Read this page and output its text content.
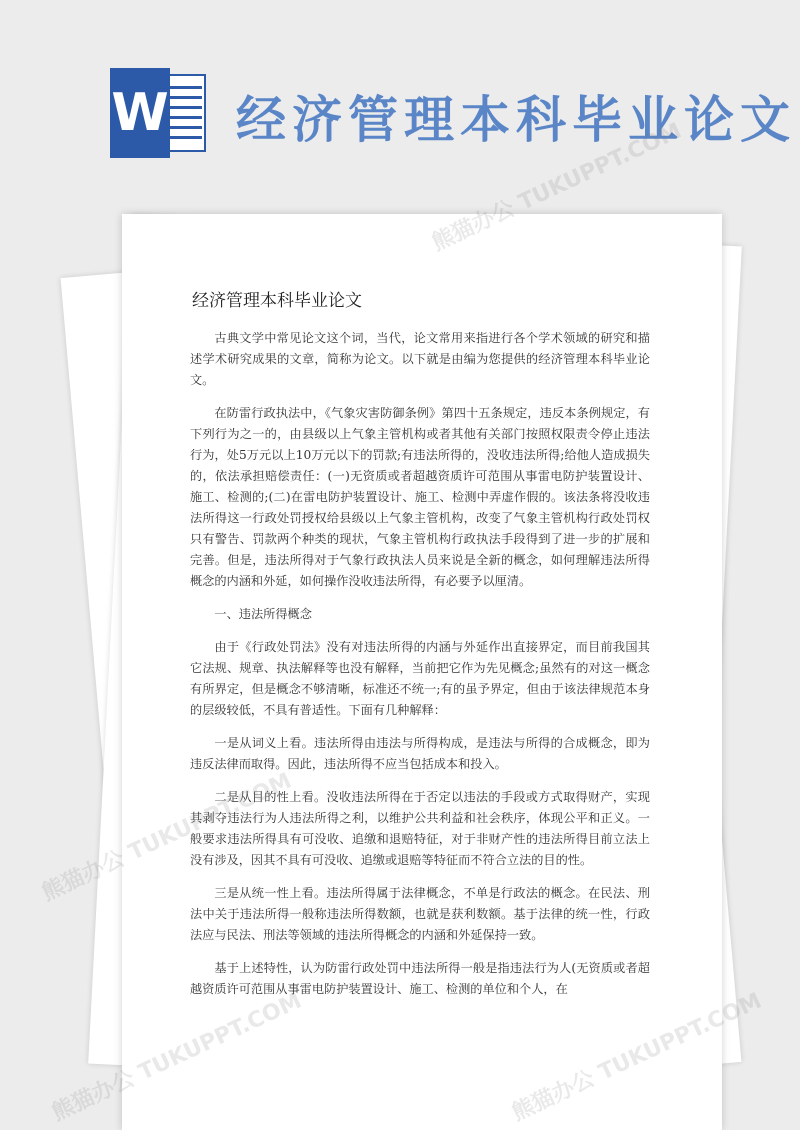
W 经济管理本科毕业论文
经济管理本科毕业论文

古典文学中常见论文这个词，当代，论文常用来指进行各个学术领域的研究和描述学术研究成果的文章，简称为论文。以下就是由编为您提供的经济管理本科毕业论文。

在防雷行政执法中，《气象灾害防御条例》第四十五条规定，违反本条例规定，有下列行为之一的，由县级以上气象主管机构或者其他有关部门按照权限责令停止违法行为，处5万元以上10万元以下的罚款;有违法所得的，没收违法所得;给他人造成损失的，依法承担赔偿责任：(一)无资质或者超越资质许可范围从事雷电防护装置设计、施工、检测的;(二)在雷电防护装置设计、施工、检测中弄虚作假的。该法条将没收违法所得这一行政处罚授权给县级以上气象主管机构，改变了气象主管机构行政处罚权只有警告、罚款两个种类的现状，气象主管机构行政执法手段得到了进一步的扩展和完善。但是，违法所得对于气象行政执法人员来说是全新的概念，如何理解违法所得概念的内涵和外延，如何操作没收违法所得，有必要予以厘清。

一、违法所得概念

由于《行政处罚法》没有对违法所得的内涵与外延作出直接界定，而目前我国其它法规、规章、执法解释等也没有解释，当前把它作为先见概念;虽然有的对这一概念有所界定，但是概念不够清晰，标准还不统一;有的虽予界定，但由于该法律规范本身的层级较低，不具有普适性。下面有几种解释：

一是从词义上看。违法所得由违法与所得构成，是违法与所得的合成概念，即为违反法律而取得。因此，违法所得不应当包括成本和投入。

二是从目的性上看。没收违法所得在于否定以违法的手段或方式取得财产，实现其剥夺违法行为人违法所得之利，以维护公共利益和社会秩序，体现公平和正义。一般要求违法所得具有可没收、追缴和退赔特征，对于非财产性的违法所得目前立法上没有涉及，因其不具有可没收、追缴或退赔等特征而不符合立法的目的性。

三是从统一性上看。违法所得属于法律概念，不单是行政法的概念。在民法、刑法中关于违法所得一般称违法所得数额，也就是获利数额。基于法律的统一性，行政法应与民法、刑法等领域的违法所得概念的内涵和外延保持一致。

基于上述特性，认为防雷行政处罚中违法所得一般是指违法行为人(无资质或者超越资质许可范围从事雷电防护装置设计、施工、检测的单位和个人，在

熊猫办公 TUKUPPT.COM
熊猫办公
熊猫办公
